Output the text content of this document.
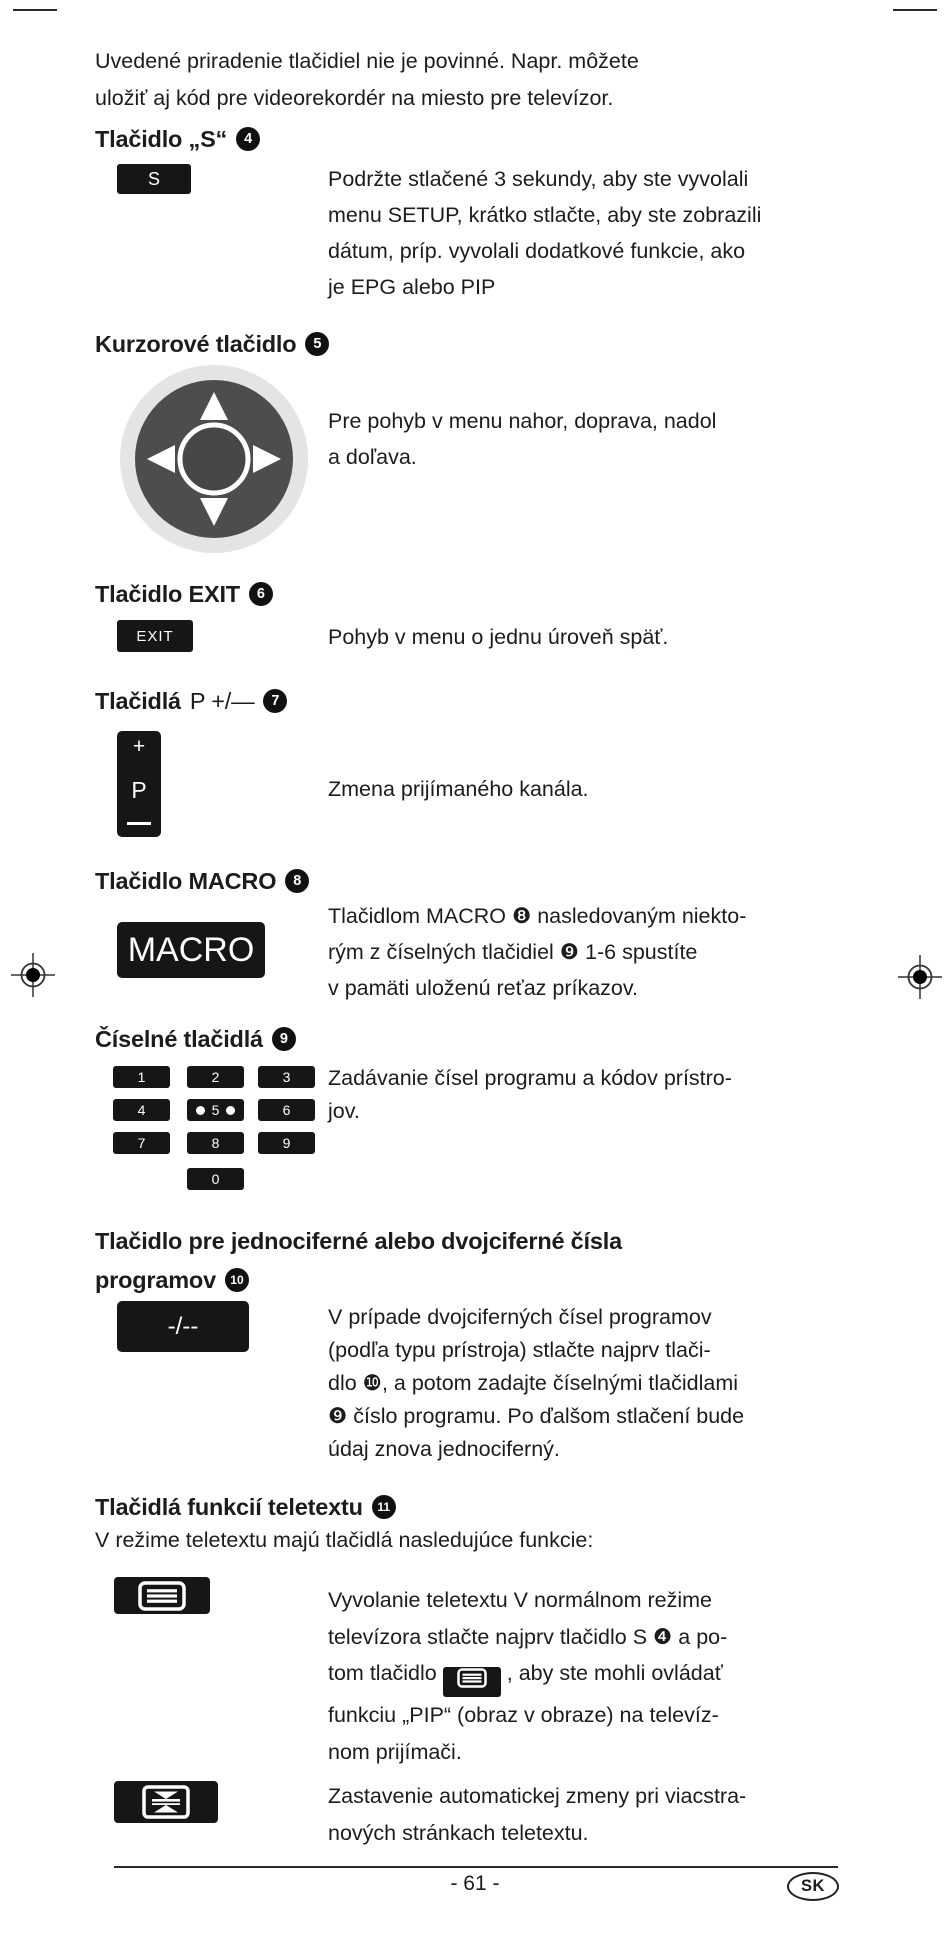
Uvedené priradenie tlačidiel nie je povinné. Napr. môžete
uložiť aj kód pre videorekordér na miesto pre televízor.
Tlačidlo „S“	4
S	Podržte stlačené 3 sekundy, aby ste vyvolali
menu SETUP, krátko stlačte, aby ste zobrazili
dátum, príp. vyvolali dodatkové funkcie, ako
je EPG alebo PIP
Kurzorové tlačidlo	5
Pre pohyb v menu nahor, doprava, nadol
a doľava.
Tlačidlo EXIT	6
EXIT	Pohyb v menu o jednu úroveň späť.
Tlačidlá P +/—	7
+
P	Zmena prijímaného kanála.
Tlačidlo MACRO	8
MACRO
Tlačidlom MACRO ❽ nasledovaným niekto-
rým z číselných tlačidiel ❾ 1-6 spustíte
v pamäti uloženú reťaz príkazov.
Číselné tlačidlá	9
1	2	3
4	5	6
7	8	9
0
Zadávanie čísel programu a kódov prístro-
jov.
Tlačidlo pre jednociferné alebo dvojciferné čísla
programov	10
-/--	V prípade dvojciferných čísel programov
(podľa typu prístroja) stlačte najprv tlači-
dlo ❿, a potom zadajte číselnými tlačidlami
❾ číslo programu. Po ďalšom stlačení bude
údaj znova jednociferný.
Tlačidlá funkcií teletextu	11
V režime teletextu majú tlačidlá nasledujúce funkcie:
Vyvolanie teletextu V normálnom režime
televízora stlačte najprv tlačidlo S ❹ a po-
tom tlačidlo	, aby ste mohli ovládať
funkciu „PIP“ (obraz v obraze) na televíz-
nom prijímači.
Zastavenie automatickej zmeny pri viacstra-
nových stránkach teletextu.
- 61 -	SK
